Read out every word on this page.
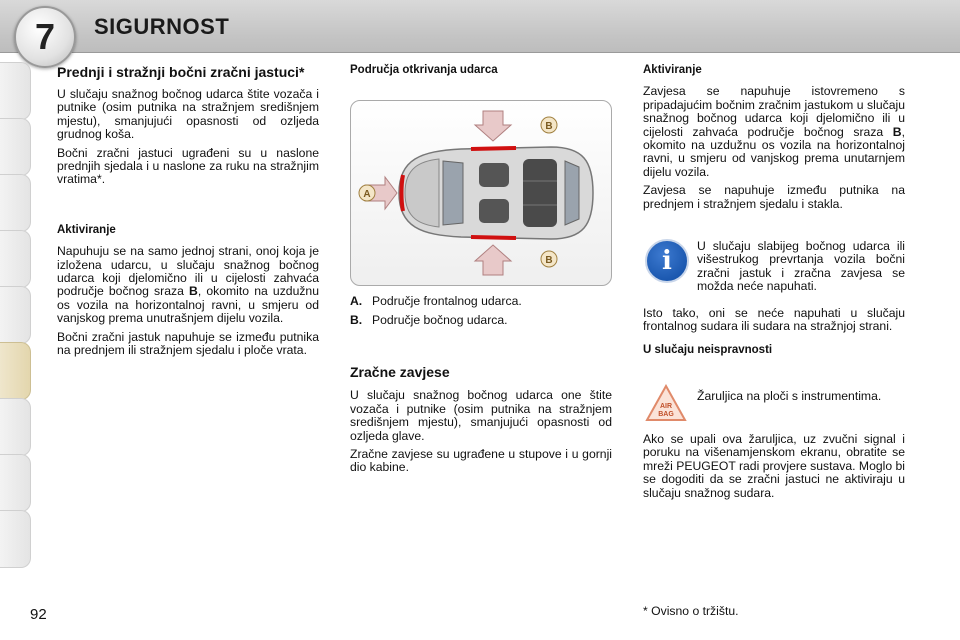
7	SIGURNOST
Prednji i stražnji bočni zračni jastuci*

U slučaju snažnog bočnog udarca štite vozača i putnike (osim putnika na stražnjem središnjem mjestu), smanjujući opasnosti od ozljeda grudnog koša.

Bočni zračni jastuci ugrađeni su u naslone prednjih sjedala i u naslone za ruku na stražnjim vratima*.

Aktiviranje

Napuhuju se na samo jednoj strani, onoj koja je izložena udarcu, u slučaju snažnog bočnog udarca koji djelomično ili u cijelosti zahvaća područje bočnog sraza B, okomito na uzdužnu os vozila na horizontalnoj ravni, u smjeru od vanjskog prema unutrašnjem dijelu vozila.

Bočni zračni jastuk napuhuje se između putnika na prednjem ili stražnjem sjedalu i ploče vrata.

Područja otkrivanja udarca
A
B
B
A. Područje frontalnog udarca.
B. Područje bočnog udarca.
Zračne zavjese

U slučaju snažnog bočnog udarca one štite vozača i putnike (osim putnika na stražnjem središnjem mjestu), smanjujući opasnosti od ozljeda glave.

Zračne zavjese su ugrađene u stupove i u gornji dio kabine.

Aktiviranje

Zavjesa se napuhuje istovremeno s pripadajućim bočnim zračnim jastukom u slučaju snažnog bočnog udarca koji djelomično ili u cijelosti zahvaća područje bočnog sraza B, okomito na uzdužnu os vozila na horizontalnoj ravni, u smjeru od vanjskog prema unutarnjem dijelu vozila.

Zavjesa se napuhuje između putnika na prednjem i stražnjem sjedalu i stakla.

i	U slučaju slabijeg bočnog udarca ili višestrukog prevrtanja vozila bočni zračni jastuk i zračna zavjesa se možda neće napuhati.

Isto tako, oni se neće napuhati u slučaju frontalnog sudara ili sudara na stražnjoj strani.

U slučaju neispravnosti
AIR
BAG

Žaruljica na ploči s instrumentima.

Ako se upali ova žaruljica, uz zvučni signal i poruku na višenamjenskom ekranu, obratite se mreži PEUGEOT radi provjere sustava. Moglo bi se dogoditi da se zračni jastuci ne aktiviraju u slučaju snažnog sudara.

92	* Ovisno o tržištu.
